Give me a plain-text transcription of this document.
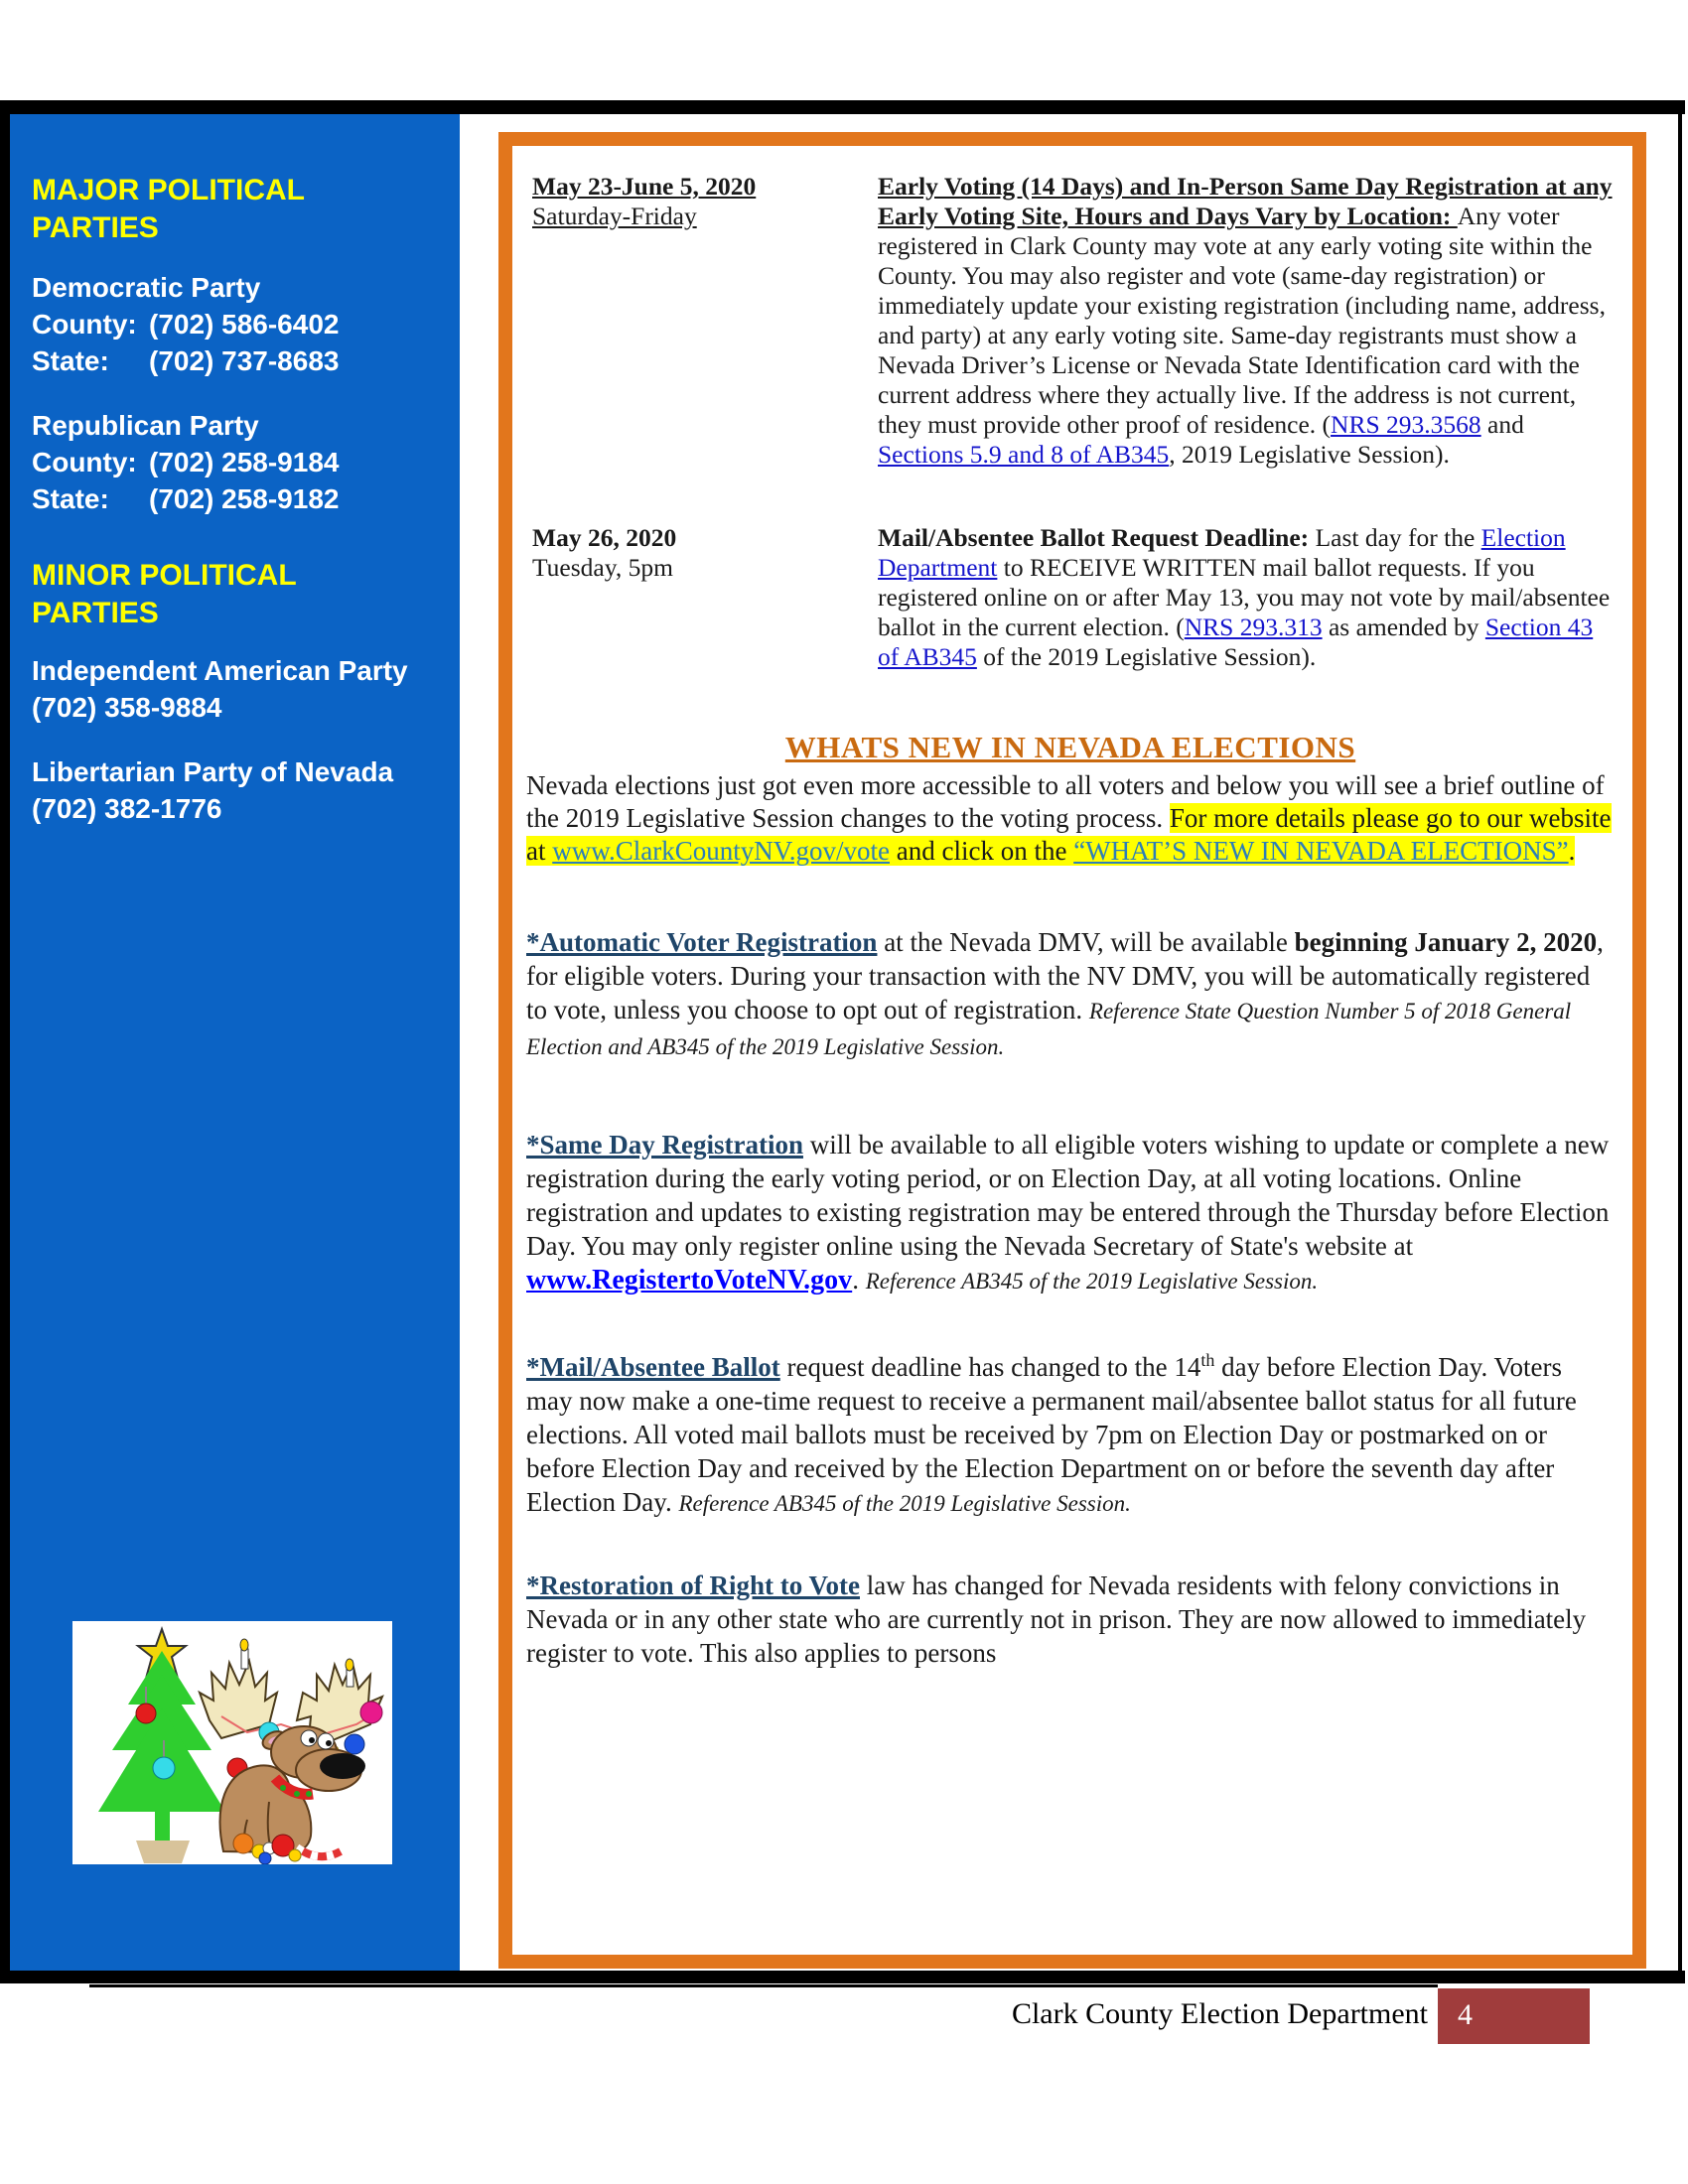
MAJOR POLITICAL PARTIES
Democratic Party
County: (702) 586-6402
State:	(702) 737-8683
Republican Party
County: (702) 258-9184
State:	(702) 258-9182
MINOR POLITICAL PARTIES
Independent American Party
(702) 358-9884
Libertarian Party of Nevada
(702) 382-1776
May 23-June 5, 2020
Saturday-Friday
Early Voting (14 Days) and In-Person Same Day Registration at any Early Voting Site, Hours and Days Vary by Location: Any voter registered in Clark County may vote at any early voting site within the County. You may also register and vote (same-day registration) or immediately update your existing registration (including name, address, and party) at any early voting site. Same-day registrants must show a Nevada Driver’s License or Nevada State Identification card with the current address where they actually live. If the address is not current, they must provide other proof of residence. (NRS 293.3568 and Sections 5.9 and 8 of AB345, 2019 Legislative Session).
May 26, 2020
Tuesday, 5pm
Mail/Absentee Ballot Request Deadline: Last day for the Election Department to RECEIVE WRITTEN mail ballot requests. If you registered online on or after May 13, you may not vote by mail/absentee ballot in the current election. (NRS 293.313 as amended by Section 43 of AB345 of the 2019 Legislative Session).
WHATS NEW IN NEVADA ELECTIONS
Nevada elections just got even more accessible to all voters and below you will see a brief outline of the 2019 Legislative Session changes to the voting process. For more details please go to our website at www.ClarkCountyNV.gov/vote and click on the “WHAT’S NEW IN NEVADA ELECTIONS”.
*Automatic Voter Registration at the Nevada DMV, will be available beginning January 2, 2020, for eligible voters. During your transaction with the NV DMV, you will be automatically registered to vote, unless you choose to opt out of registration. Reference State Question Number 5 of 2018 General Election and AB345 of the 2019 Legislative Session.
*Same Day Registration will be available to all eligible voters wishing to update or complete a new registration during the early voting period, or on Election Day, at all voting locations. Online registration and updates to existing registration may be entered through the Thursday before Election Day. You may only register online using the Nevada Secretary of State's website at www.RegistertoVoteNV.gov. Reference AB345 of the 2019 Legislative Session.
*Mail/Absentee Ballot request deadline has changed to the 14th day before Election Day. Voters may now make a one-time request to receive a permanent mail/absentee ballot status for all future elections. All voted mail ballots must be received by 7pm on Election Day or postmarked on or before Election Day and received by the Election Department on or before the seventh day after Election Day. Reference AB345 of the 2019 Legislative Session.
*Restoration of Right to Vote law has changed for Nevada residents with felony convictions in Nevada or in any other state who are currently not in prison. They are now allowed to immediately register to vote. This also applies to persons
Clark County Election Department	4
